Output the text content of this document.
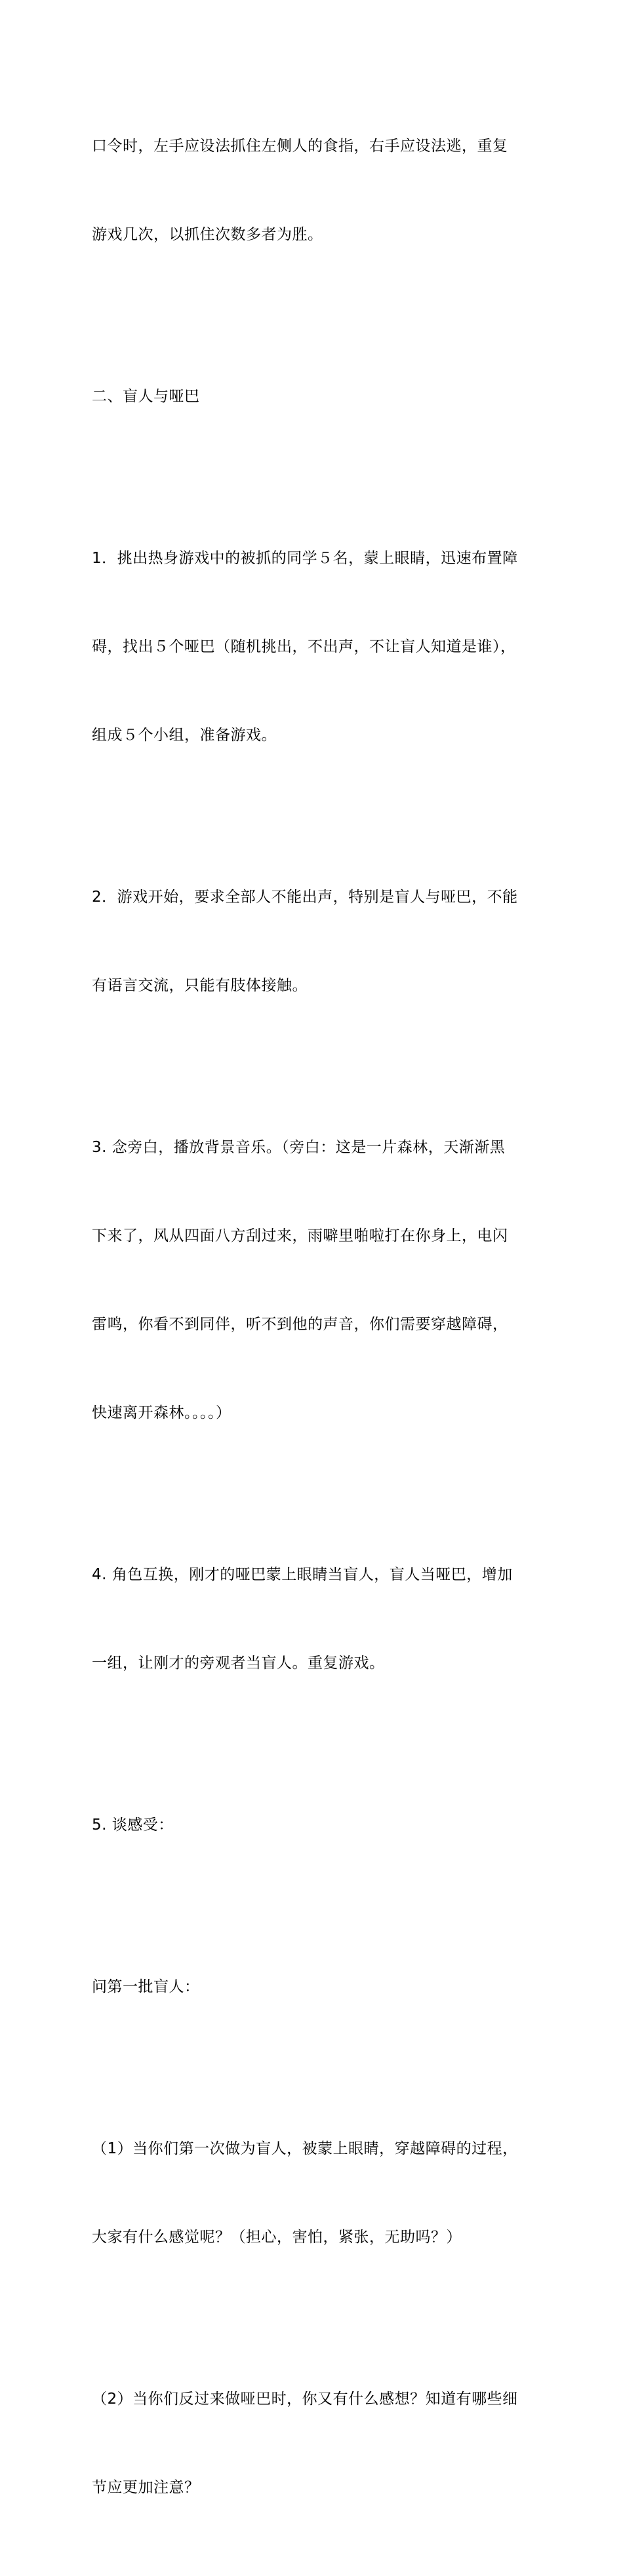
口令时，左手应设法抓住左侧人的食指，右手应设法逃，重复

游戏几次，以抓住次数多者为胜。

二、盲人与哑巴

1．挑出热身游戏中的被抓的同学５名，蒙上眼睛，迅速布置障

碍，找出５个哑巴（随机挑出，不出声，不让盲人知道是谁），

组成５个小组，准备游戏。

2．游戏开始，要求全部人不能出声，特别是盲人与哑巴，不能

有语言交流，只能有肢体接触。

3. 念旁白，播放背景音乐。（旁白：这是一片森林，天渐渐黑

下来了，风从四面八方刮过来，雨噼里啪啦打在你身上，电闪

雷鸣，你看不到同伴，听不到他的声音，你们需要穿越障碍，

快速离开森林。。。。）

4. 角色互换，刚才的哑巴蒙上眼睛当盲人，盲人当哑巴，增加

一组，让刚才的旁观者当盲人。重复游戏。

5. 谈感受：

问第一批盲人：

（1）当你们第一次做为盲人，被蒙上眼睛，穿越障碍的过程，

大家有什么感觉呢？（担心，害怕，紧张，无助吗？）

（2）当你们反过来做哑巴时，你又有什么感想？知道有哪些细

节应更加注意？
